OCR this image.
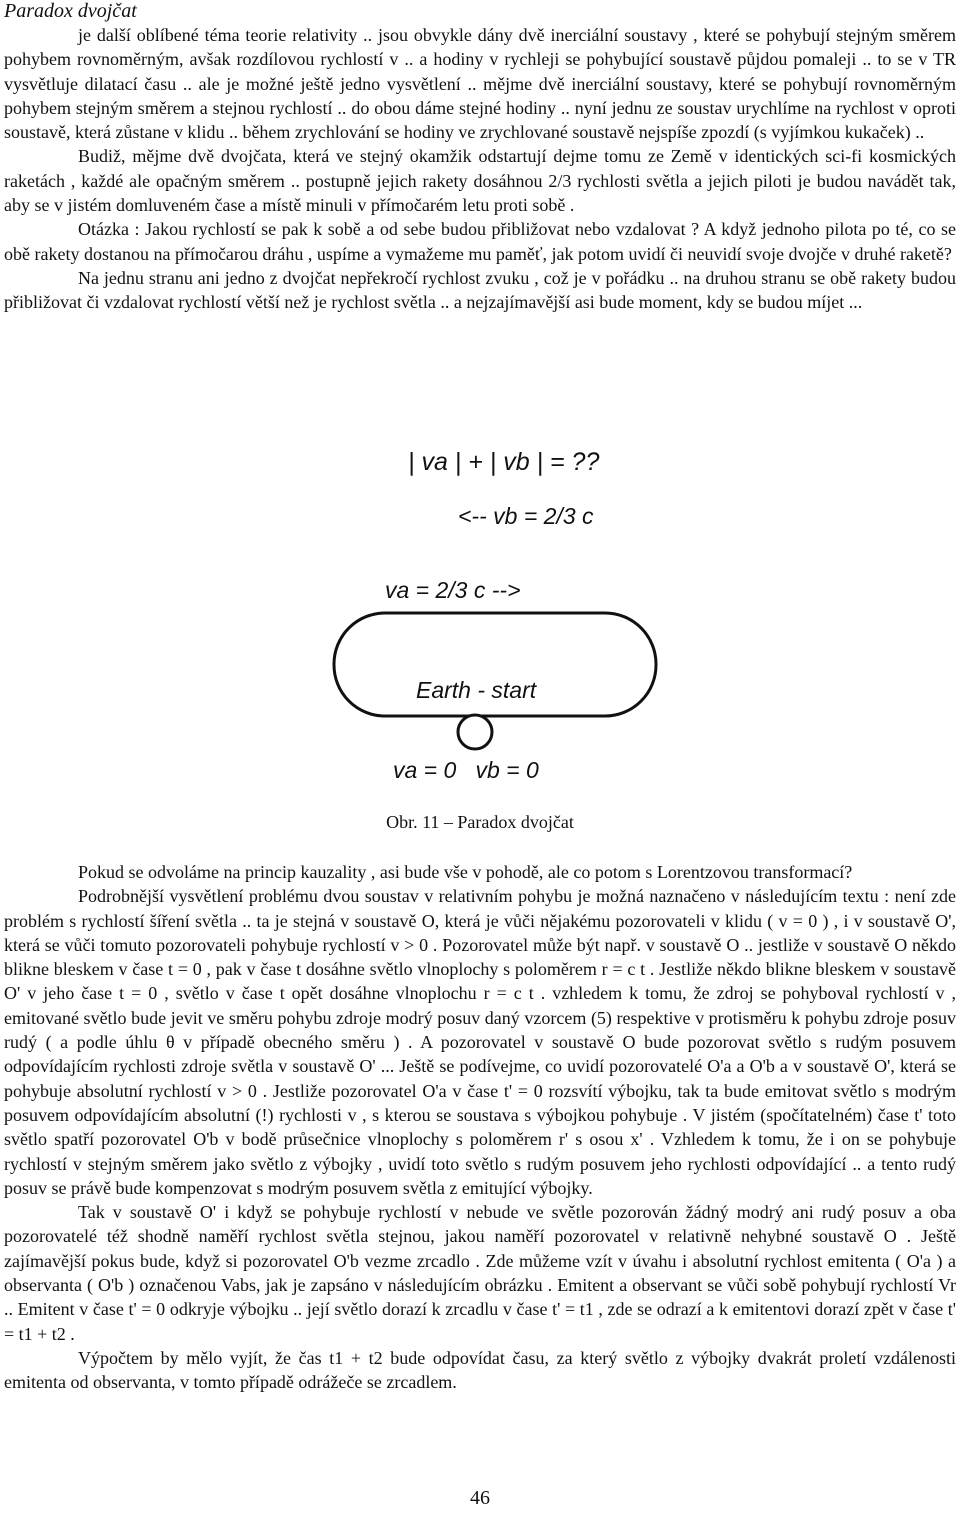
Paradox dvojčat

je další oblíbené téma teorie relativity .. jsou obvykle dány dvě inerciální soustavy , které se pohybují stejným směrem pohybem rovnoměrným, avšak rozdílovou rychlostí v .. a hodiny v rychleji se pohybující soustavě půjdou pomaleji .. to se v TR vysvětluje dilatací času .. ale je možné ještě jedno vysvětlení .. mějme dvě inerciální soustavy, které se pohybují rovnoměrným pohybem stejným směrem a stejnou rychlostí .. do obou dáme stejné hodiny .. nyní jednu ze soustav urychlíme na rychlost v oproti soustavě, která zůstane v klidu .. během zrychlování se hodiny ve zrychlované soustavě nejspíše zpozdí (s vyjímkou kukaček) ..

Budiž, mějme dvě dvojčata, která ve stejný okamžik odstartují dejme tomu ze Země v identických sci-fi kosmických raketách , každé ale opačným směrem .. postupně jejich rakety dosáhnou 2/3 rychlosti světla a jejich piloti je budou navádět tak, aby se v jistém domluveném čase a místě minuli v přímočarém letu proti sobě .

Otázka : Jakou rychlostí se pak k sobě a od sebe budou přibližovat nebo vzdalovat ? A když jednoho pilota po té, co se obě rakety dostanou na přímočarou dráhu , uspíme a vymažeme mu paměť, jak potom uvidí či neuvidí svoje dvojče v druhé raketě?

Na jednu stranu ani jedno z dvojčat nepřekročí rychlost zvuku , což je v pořádku .. na druhou stranu se obě rakety budou přibližovat či vzdalovat rychlostí větší než je rychlost světla .. a nejzajímavější asi bude moment, kdy se budou míjet ...

| va | + | vb | = ??
<-- vb = 2/3 c
va = 2/3 c -->
Earth - start
va = 0   vb = 0
Obr. 11 – Paradox dvojčat

Pokud se odvoláme na princip kauzality , asi bude vše v pohodě, ale co potom s Lorentzovou transformací?

Podrobnější vysvětlení problému dvou soustav v relativním pohybu je možná naznačeno v následujícím textu : není zde problém s rychlostí šíření světla .. ta je stejná v soustavě O, která je vůči nějakému pozorovateli v klidu ( v = 0 ) , i v soustavě O', která se vůči tomuto pozorovateli pohybuje rychlostí v > 0 . Pozorovatel může být např. v soustavě O .. jestliže v soustavě O někdo blikne bleskem v čase t = 0 , pak v čase t dosáhne světlo vlnoplochy s poloměrem r = c t . Jestliže někdo blikne bleskem v soustavě O' v jeho čase t = 0 , světlo v čase t opět dosáhne vlnoplochu r = c t . vzhledem k tomu, že zdroj se pohyboval rychlostí v , emitované světlo bude jevit ve směru pohybu zdroje modrý posuv daný vzorcem (5) respektive v protisměru k pohybu zdroje posuv rudý ( a podle úhlu θ v případě obecného směru ) . A pozorovatel v soustavě O bude pozorovat světlo s rudým posuvem odpovídajícím rychlosti zdroje světla v soustavě O' ... Ještě se podívejme, co uvidí pozorovatelé O'a a O'b a v soustavě O', která se pohybuje absolutní rychlostí v > 0 . Jestliže pozorovatel O'a v čase t' = 0 rozsvítí výbojku, tak ta bude emitovat světlo s modrým posuvem odpovídajícím absolutní (!) rychlosti v , s kterou se soustava s výbojkou pohybuje . V jistém (spočítatelném) čase t' toto světlo spatří pozorovatel O'b v bodě průsečnice vlnoplochy s poloměrem r' s osou x' . Vzhledem k tomu, že i on se pohybuje rychlostí v stejným směrem jako světlo z výbojky , uvidí toto světlo s rudým posuvem jeho rychlosti odpovídající .. a tento rudý posuv se právě bude kompenzovat s modrým posuvem světla z emitující výbojky.

Tak v soustavě O' i když se pohybuje rychlostí v nebude ve světle pozorován žádný modrý ani rudý posuv a oba pozorovatelé též shodně naměří rychlost světla stejnou, jakou naměří pozorovatel v relativně nehybné soustavě O . Ještě zajímavější pokus bude, když si pozorovatel O'b vezme zrcadlo . Zde můžeme vzít v úvahu i absolutní rychlost emitenta ( O'a ) a observanta ( O'b ) označenou Vabs, jak je zapsáno v následujícím obrázku . Emitent a observant se vůči sobě pohybují rychlostí Vr .. Emitent v čase t' = 0 odkryje výbojku .. její světlo dorazí k zrcadlu v čase t' = t1 , zde se odrazí a k emitentovi dorazí zpět v čase t' = t1 + t2 .

Výpočtem by mělo vyjít, že čas t1 + t2 bude odpovídat času, za který světlo z výbojky dvakrát proletí vzdálenosti emitenta od observanta, v tomto případě odrážeče se zrcadlem.

46
